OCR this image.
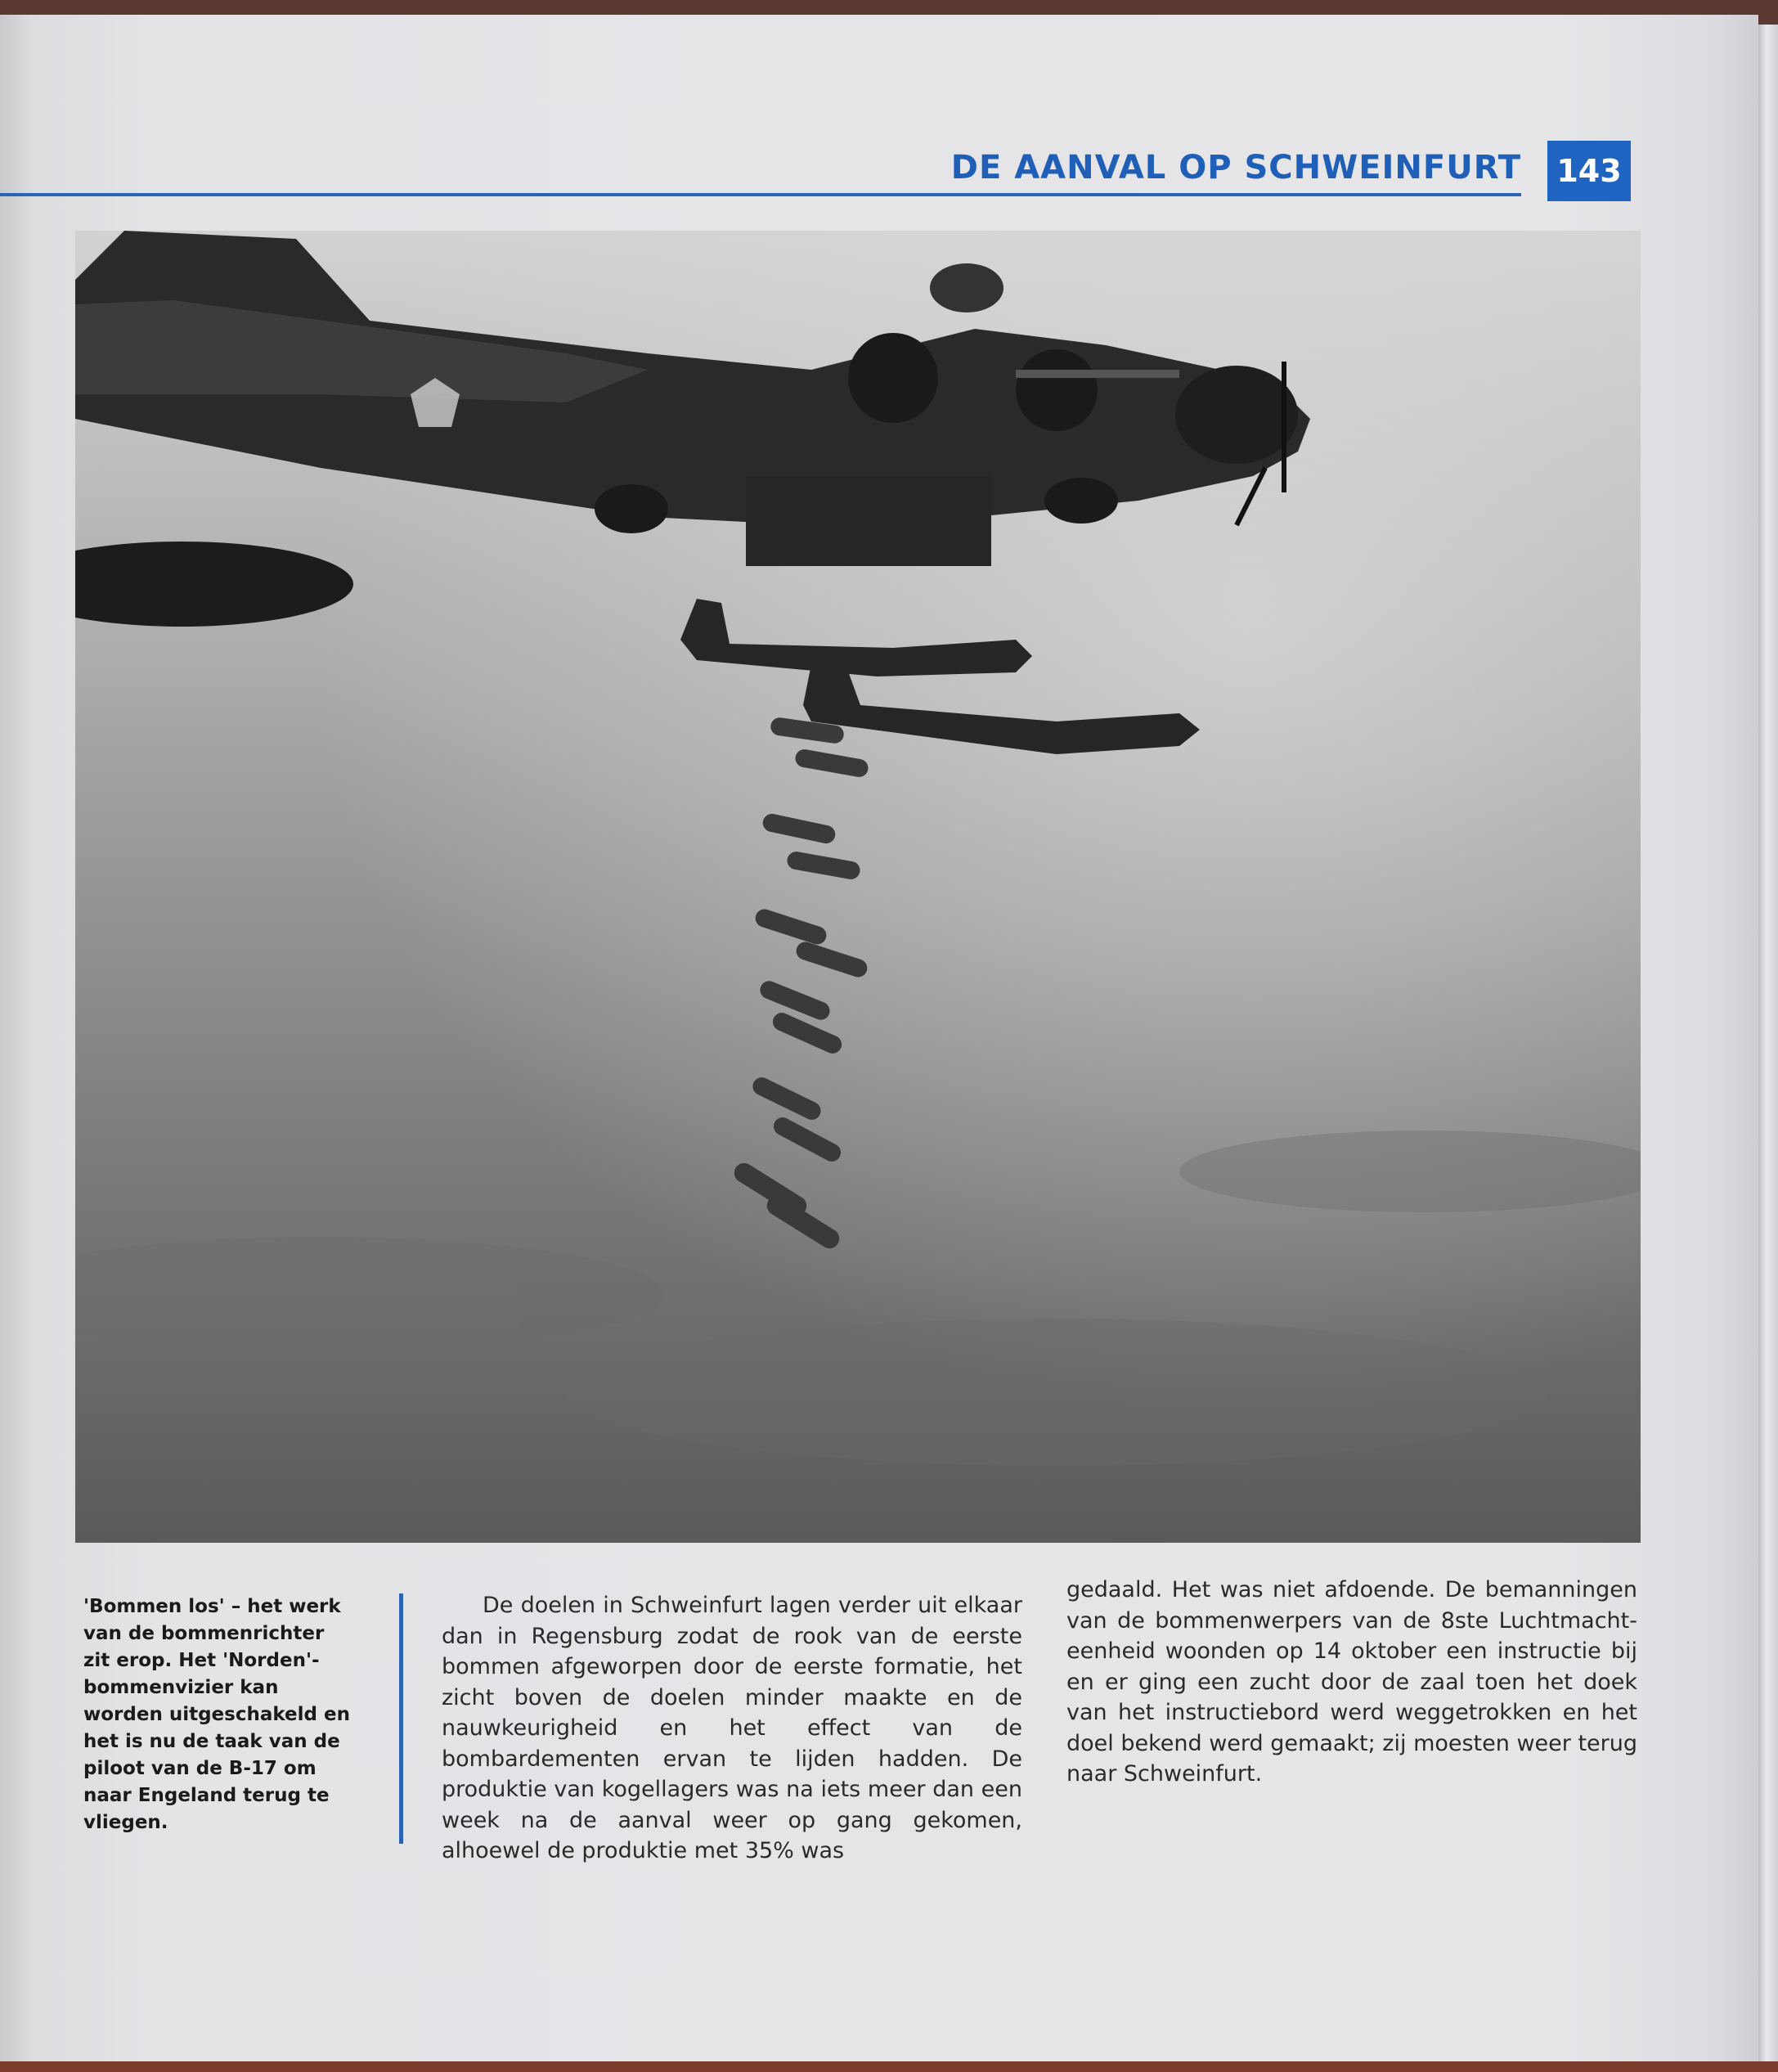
DE AANVAL OP SCHWEINFURT 143

'Bommen los' – het werk van de bommenrichter zit erop. Het 'Norden'-bommenvizier kan worden uitgeschakeld en het is nu de taak van de piloot van de B-17 om naar Engeland terug te vliegen.

De doelen in Schweinfurt lagen verder uit elkaar dan in Regensburg zodat de rook van de eerste bommen afgeworpen door de eerste formatie, het zicht boven de doelen minder maakte en de nauwkeurigheid en het effect van de bombardementen ervan te lijden hadden. De produktie van kogellagers was na iets meer dan een week na de aanval weer op gang gekomen, alhoewel de produktie met 35% was

gedaald. Het was niet afdoende. De bemanningen van de bommenwerpers van de 8ste Luchtmacht-eenheid woonden op 14 oktober een instructie bij en er ging een zucht door de zaal toen het doek van het instructiebord werd weggetrokken en het doel bekend werd gemaakt; zij moesten weer terug naar Schweinfurt.
